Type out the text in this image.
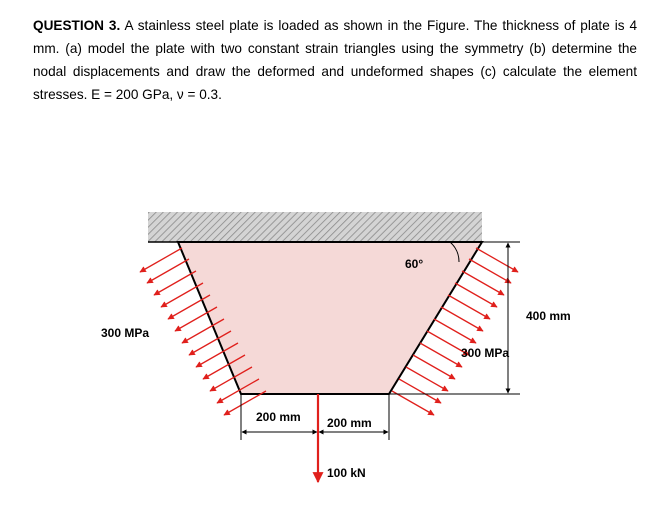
QUESTION 3. A stainless steel plate is loaded as shown in the Figure. The thickness of plate is 4 mm. (a) model the plate with two constant strain triangles using the symmetry (b) determine the nodal displacements and draw the deformed and undeformed shapes (c) calculate the element stresses. E = 200 GPa, ν = 0.3.

60°
300 MPa
300 MPa
400 mm
200 mm 200 mm
100 kN
